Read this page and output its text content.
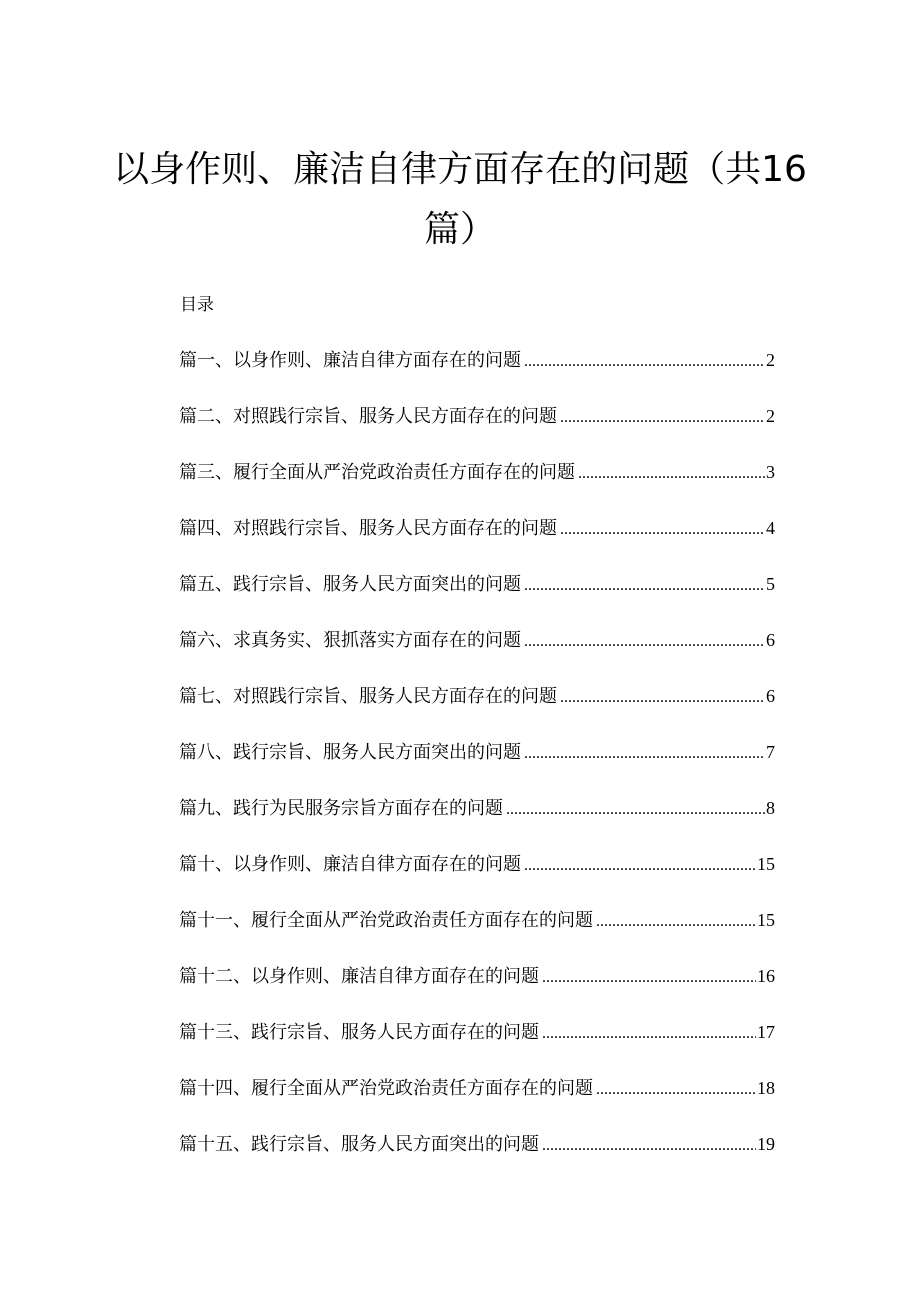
以身作则、廉洁自律方面存在的问题（共16篇）
目录
篇一、以身作则、廉洁自律方面存在的问题 .....	2
篇二、对照践行宗旨、服务人民方面存在的问题 .....	2
篇三、履行全面从严治党政治责任方面存在的问题 .....	3
篇四、对照践行宗旨、服务人民方面存在的问题 .....	4
篇五、践行宗旨、服务人民方面突出的问题 .....	5
篇六、求真务实、狠抓落实方面存在的问题 .....	6
篇七、对照践行宗旨、服务人民方面存在的问题 .....	6
篇八、践行宗旨、服务人民方面突出的问题 .....	7
篇九、践行为民服务宗旨方面存在的问题 .....	8
篇十、以身作则、廉洁自律方面存在的问题 .....	15
篇十一、履行全面从严治党政治责任方面存在的问题 .....	15
篇十二、以身作则、廉洁自律方面存在的问题 .....	16
篇十三、践行宗旨、服务人民方面存在的问题 .....	17
篇十四、履行全面从严治党政治责任方面存在的问题 .....	18
篇十五、践行宗旨、服务人民方面突出的问题 .....	19
